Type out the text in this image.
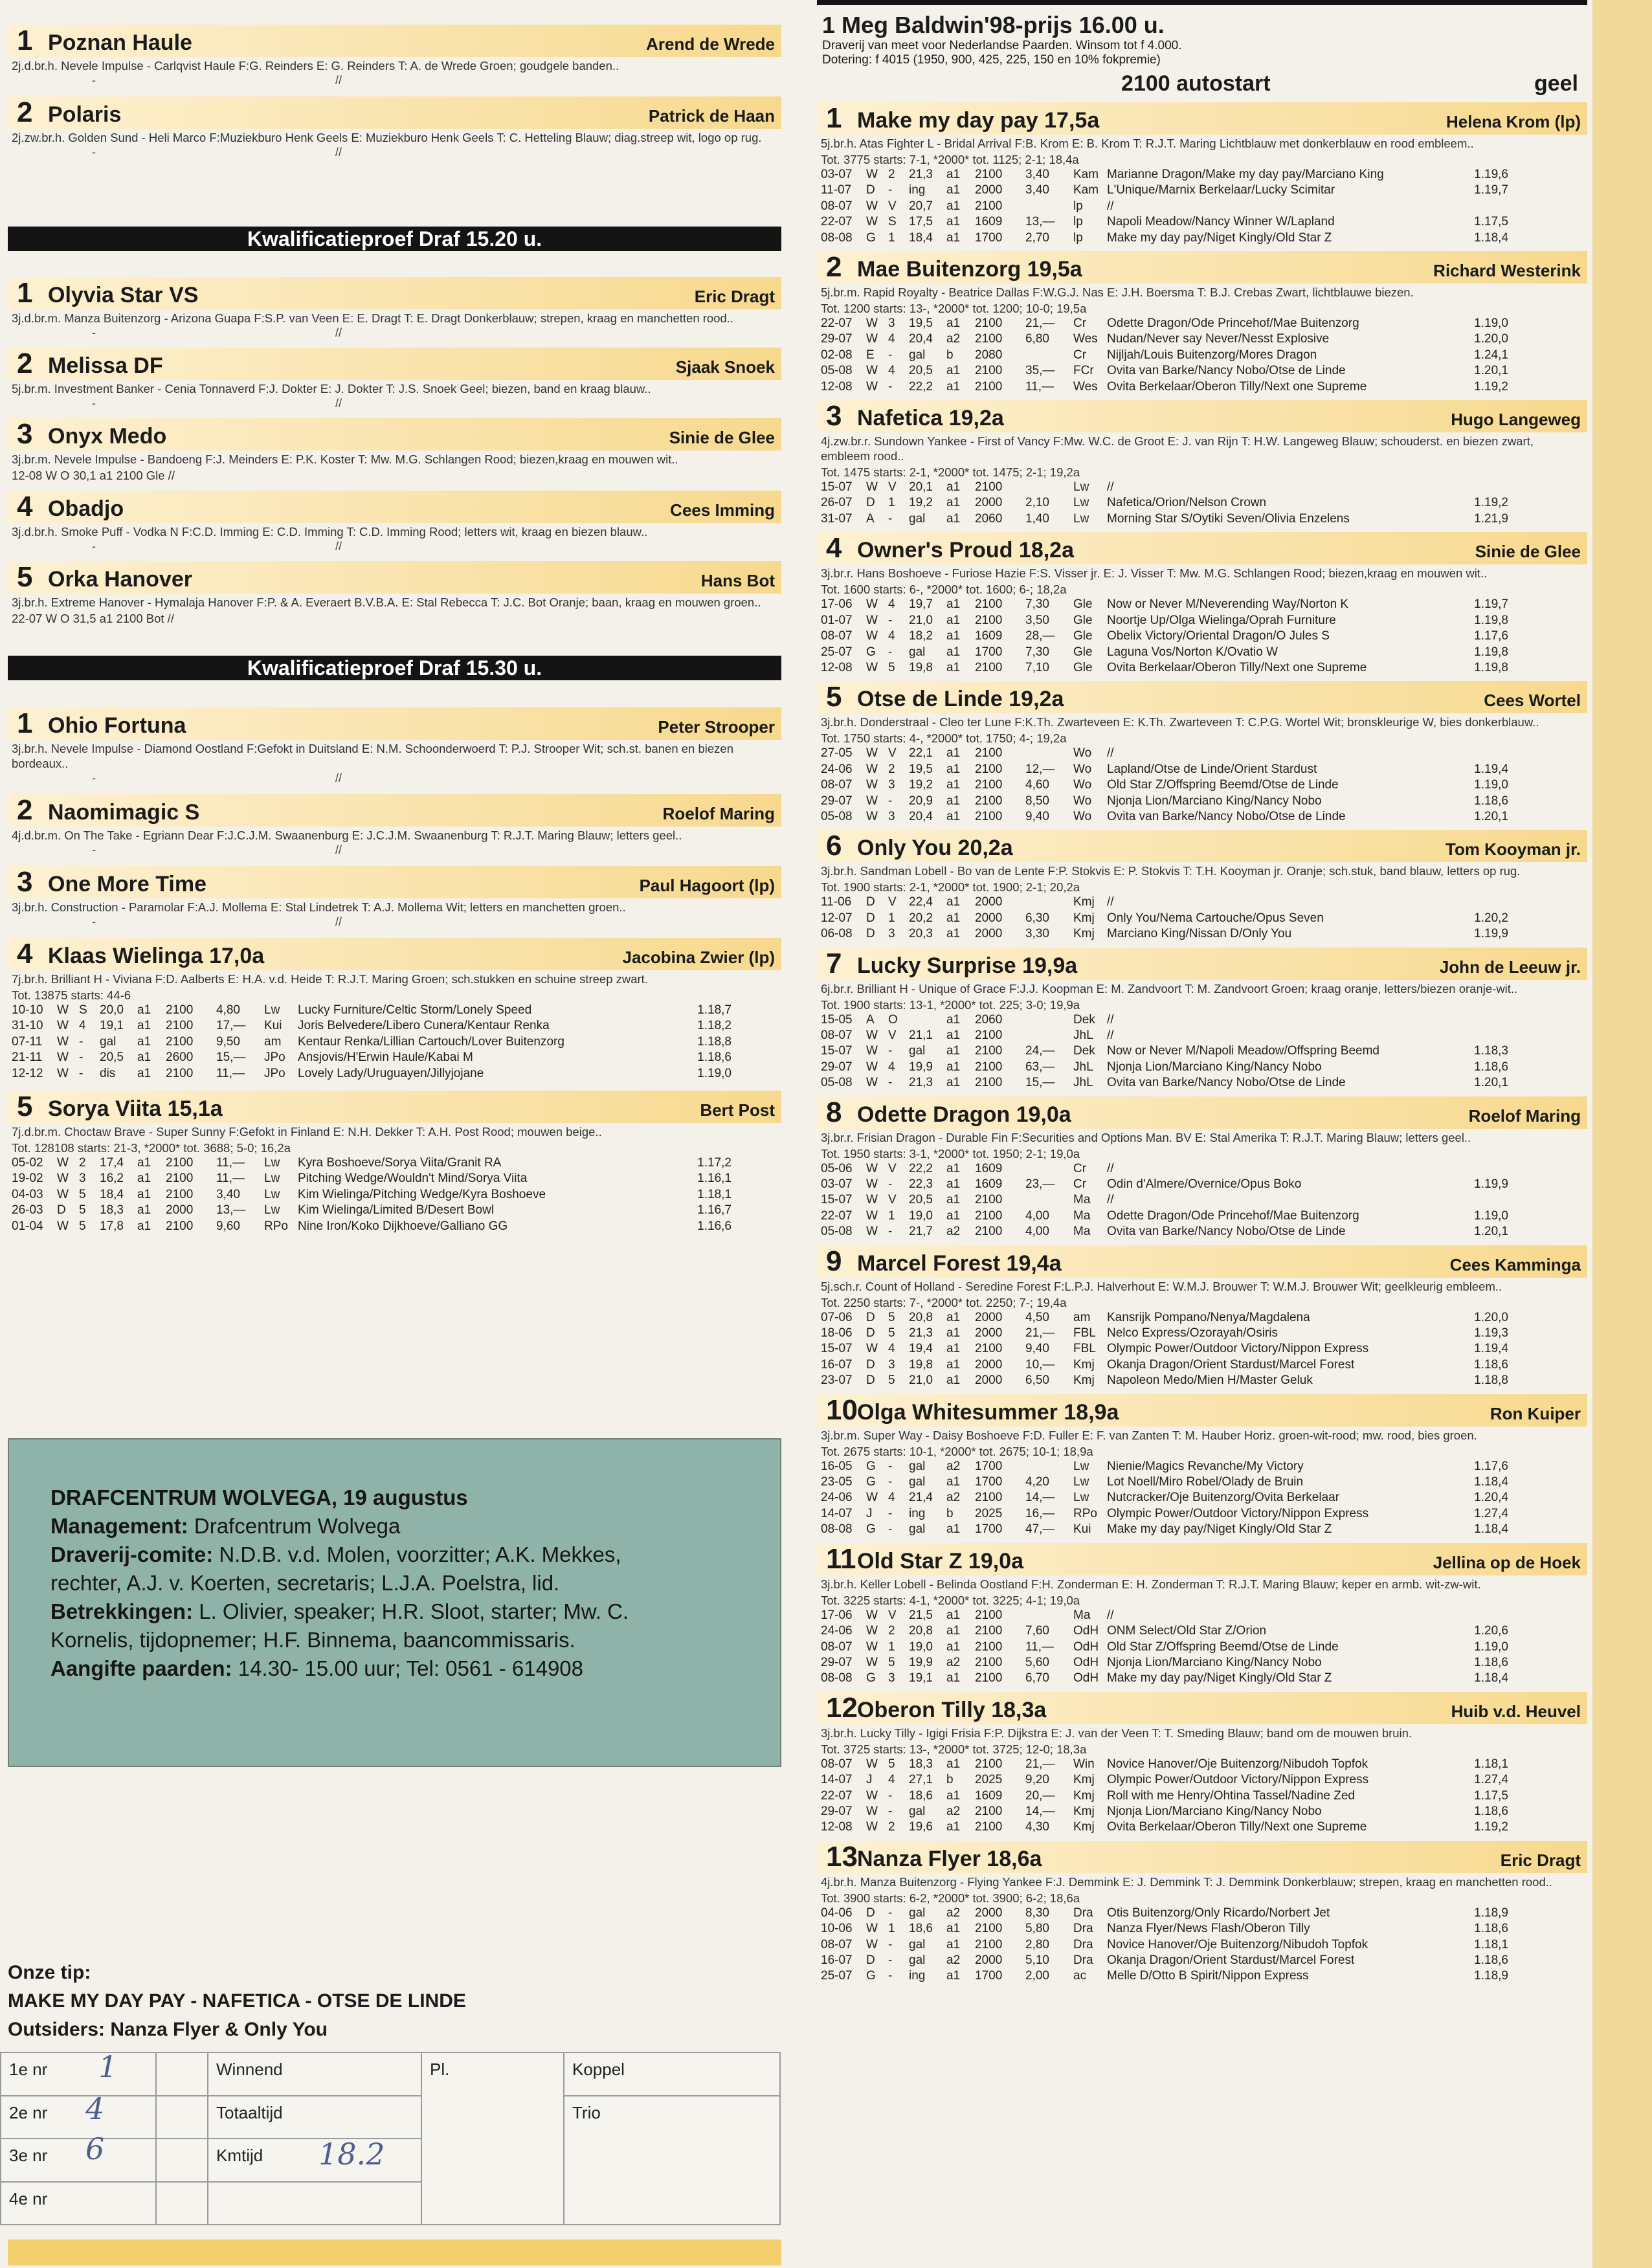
1 Poznan Haule	Arend de Wrede
2j.d.br.h. Nevele Impulse - Carlqvist Haule F:G. Reinders E: G. Reinders T: A. de Wrede Groen; goudgele banden..
-	//
2 Polaris	Patrick de Haan
2j.zw.br.h. Golden Sund - Heli Marco F:Muziekburo Henk Geels E: Muziekburo Henk Geels T: C. Hetteling Blauw; diag.streep wit, logo op rug.
-	//
Kwalificatieproef Draf 15.20 u.
1 Olyvia Star VS	Eric Dragt
3j.d.br.m. Manza Buitenzorg - Arizona Guapa F:S.P. van Veen E: E. Dragt T: E. Dragt Donkerblauw; strepen, kraag en manchetten rood..
-	//
2 Melissa DF	Sjaak Snoek
5j.br.m. Investment Banker - Cenia Tonnaverd F:J. Dokter E: J. Dokter T: J.S. Snoek Geel; biezen, band en kraag blauw..
-	//
3 Onyx Medo	Sinie de Glee
3j.br.m. Nevele Impulse - Bandoeng F:J. Meinders E: P.K. Koster T: Mw. M.G. Schlangen Rood; biezen,kraag en mouwen wit..
12-08 W O 30,1 a1 2100 Gle //
4 Obadjo	Cees Imming
3j.d.br.h. Smoke Puff - Vodka N F:C.D. Imming E: C.D. Imming T: C.D. Imming Rood; letters wit, kraag en biezen blauw..
-	//
5 Orka Hanover	Hans Bot
3j.br.h. Extreme Hanover - Hymalaja Hanover F:P. & A. Everaert B.V.B.A. E: Stal Rebecca T: J.C. Bot Oranje; baan, kraag en mouwen groen..
22-07 W O 31,5 a1 2100 Bot //
Kwalificatieproef Draf 15.30 u.
1 Ohio Fortuna	Peter Strooper
3j.br.h. Nevele Impulse - Diamond Oostland F:Gefokt in Duitsland E: N.M. Schoonderwoerd T: P.J. Strooper Wit; sch.st. banen en biezen bordeaux..
-	//
2 Naomimagic S	Roelof Maring
4j.d.br.m. On The Take - Egriann Dear F:J.C.J.M. Swaanenburg E: J.C.J.M. Swaanenburg T: R.J.T. Maring Blauw; letters geel..
-	//
3 One More Time	Paul Hagoort (lp)
3j.br.h. Construction - Paramolar F:A.J. Mollema E: Stal Lindetrek T: A.J. Mollema Wit; letters en manchetten groen..
-	//
4 Klaas Wielinga 17,0a	Jacobina Zwier (lp)
7j.br.h. Brilliant H - Viviana F:D. Aalberts E: H.A. v.d. Heide T: R.J.T. Maring Groen; sch.stukken en schuine streep zwart.
Tot. 13875 starts: 44-6
10-10	W S	20,0	a1	2100	4,80	Lw	Lucky Furniture/Celtic Storm/Lonely Speed	1.18,7
31-10	W 4	19,1	a1	2100	17,—	Kui	Joris Belvedere/Libero Cunera/Kentaur Renka	1.18,2
07-11	W -	gal	a1	2100	9,50	am	Kentaur Renka/Lillian Cartouch/Lover Buitenzorg	1.18,8
21-11	W -	20,5	a1	2600	15,—	JPo	Ansjovis/H'Erwin Haule/Kabai M	1.18,6
12-12	W -	dis	a1	2100	11,—	JPo	Lovely Lady/Uruguayen/Jillyjojane	1.19,0
5 Sorya Viita 15,1a	Bert Post
7j.d.br.m. Choctaw Brave - Super Sunny F:Gefokt in Finland E: N.H. Dekker T: A.H. Post Rood; mouwen beige..
Tot. 128108 starts: 21-3, *2000* tot. 3688; 5-0; 16,2a
05-02	W 2	17,4	a1	2100	11,—	Lw	Kyra Boshoeve/Sorya Viita/Granit RA	1.17,2
19-02	W 3	16,2	a1	2100	11,—	Lw	Pitching Wedge/Wouldn't Mind/Sorya Viita	1.16,1
04-03	W 5	18,4	a1	2100	3,40	Lw	Kim Wielinga/Pitching Wedge/Kyra Boshoeve	1.18,1
26-03	D	5	18,3	a1	2000	13,—	Lw	Kim Wielinga/Limited B/Desert Bowl	1.16,7
01-04	W 5	17,8	a1	2100	9,60	RPo Nine Iron/Koko Dijkhoeve/Galliano GG	1.16,6
DRAFCENTRUM WOLVEGA, 19 augustus
Management: Drafcentrum Wolvega
Draverij-comite: N.D.B. v.d. Molen, voorzitter; A.K. Mekkes,
rechter, A.J. v. Koerten, secretaris; L.J.A. Poelstra, lid.
Betrekkingen: L. Olivier, speaker; H.R. Sloot, starter; Mw. C.
Kornelis, tijdopnemer; H.F. Binnema, baancommissaris.
Aangifte paarden: 14.30- 15.00 uur; Tel: 0561 - 614908
Onze tip:
MAKE MY DAY PAY - NAFETICA - OTSE DE LINDE
Outsiders: Nanza Flyer & Only You
1e nr	1	Winnend	Pl.	Koppel
2e nr	4	Totaaltijd		Trio
3e nr	6	Kmtijd 18.2		

4e nr				
1 Meg Baldwin'98-prijs 16.00 u.
Draverij van meet voor Nederlandse Paarden. Winsom tot f 4.000.
Dotering: f 4015 (1950, 900, 425, 225, 150 en 10% fokpremie)
2100 autostart	geel
1 Make my day pay 17,5a	Helena Krom (lp)
5j.br.h. Atas Fighter L - Bridal Arrival F:B. Krom E: B. Krom T: R.J.T. Maring Lichtblauw met donkerblauw en rood embleem..
Tot. 3775 starts: 7-1, *2000* tot. 1125; 2-1; 18,4a
03-07	W 2	21,3	a1	2100	3,40	Kam Marianne Dragon/Make my day pay/Marciano King	1.19,6
11-07	D	-	ing	a1	2000	3,40	Kam L'Unique/Marnix Berkelaar/Lucky Scimitar	1.19,7
08-07	W V	20,7	a1	2100	lp	//
22-07	W S	17,5	a1	1609	13,—	lp	Napoli Meadow/Nancy Winner W/Lapland	1.17,5
08-08	G	1	18,4	a1	1700	2,70	lp	Make my day pay/Niget Kingly/Old Star Z	1.18,4
2 Mae Buitenzorg 19,5a	Richard Westerink
5j.br.m. Rapid Royalty - Beatrice Dallas F:W.G.J. Nas E: J.H. Boersma T: B.J. Crebas Zwart, lichtblauwe biezen.
Tot. 1200 starts: 13-, *2000* tot. 1200; 10-0; 19,5a
22-07	W 3	19,5	a1	2100	21,—	Cr	Odette Dragon/Ode Princehof/Mae Buitenzorg	1.19,0
29-07	W 4	20,4	a2	2100	6,80	Wes Nudan/Never say Never/Nesst Explosive	1.20,0
02-08	E	-	gal	b	2080	Cr	Nijljah/Louis Buitenzorg/Mores Dragon	1.24,1
05-08	W 4	20,5	a1	2100	35,—	FCr	Ovita van Barke/Nancy Nobo/Otse de Linde	1.20,1
12-08	W -	22,2	a1	2100	11,—	Wes Ovita Berkelaar/Oberon Tilly/Next one Supreme	1.19,2
3 Nafetica 19,2a	Hugo Langeweg
4j.zw.br.r. Sundown Yankee - First of Vancy F:Mw. W.C. de Groot E: J. van Rijn T: H.W. Langeweg Blauw; schouderst. en biezen zwart, embleem rood..
Tot. 1475 starts: 2-1, *2000* tot. 1475; 2-1; 19,2a
15-07	W V	20,1	a1	2100	Lw	//
26-07	D	1	19,2	a1	2000	2,10	Lw	Nafetica/Orion/Nelson Crown	1.19,2
31-07	A	-	gal	a1	2060	1,40	Lw	Morning Star S/Oytiki Seven/Olivia Enzelens	1.21,9
4 Owner's Proud 18,2a	Sinie de Glee
3j.br.r. Hans Boshoeve - Furiose Hazie F:S. Visser jr. E: J. Visser T: Mw. M.G. Schlangen Rood; biezen,kraag en mouwen wit..
Tot. 1600 starts: 6-, *2000* tot. 1600; 6-; 18,2a
17-06	W 4	19,7	a1	2100	7,30	Gle	Now or Never M/Neverending Way/Norton K	1.19,7
01-07	W -	21,0	a1	2100	3,50	Gle	Noortje Up/Olga Wielinga/Oprah Furniture	1.19,8
08-07	W 4	18,2	a1	1609	28,—	Gle	Obelix Victory/Oriental Dragon/O Jules S	1.17,6
25-07	G	-	gal	a1	1700	7,30	Gle	Laguna Vos/Norton K/Ovatio W	1.19,8
12-08	W 5	19,8	a1	2100	7,10	Gle	Ovita Berkelaar/Oberon Tilly/Next one Supreme	1.19,8
5 Otse de Linde 19,2a	Cees Wortel
3j.br.h. Donderstraal - Cleo ter Lune F:K.Th. Zwarteveen E: K.Th. Zwarteveen T: C.P.G. Wortel Wit; bronskleurige W, bies donkerblauw..
Tot. 1750 starts: 4-, *2000* tot. 1750; 4-; 19,2a
27-05	W V	22,1	a1	2100	Wo	//
24-06	W 2	19,5	a1	2100	12,—	Wo	Lapland/Otse de Linde/Orient Stardust	1.19,4
08-07	W 3	19,2	a1	2100	4,60	Wo	Old Star Z/Offspring Beemd/Otse de Linde	1.19,0
29-07	W -	20,9	a1	2100	8,50	Wo	Njonja Lion/Marciano King/Nancy Nobo	1.18,6
05-08	W 3	20,4	a1	2100	9,40	Wo	Ovita van Barke/Nancy Nobo/Otse de Linde	1.20,1
6 Only You 20,2a	Tom Kooyman jr.
3j.br.h. Sandman Lobell - Bo van de Lente F:P. Stokvis E: P. Stokvis T: T.H. Kooyman jr. Oranje; sch.stuk, band blauw, letters op rug.
Tot. 1900 starts: 2-1, *2000* tot. 1900; 2-1; 20,2a
11-06	D	V	22,4	a1	2000	Kmj	//
12-07	D	1	20,2	a1	2000	6,30	Kmj	Only You/Nema Cartouche/Opus Seven	1.20,2
06-08	D	3	20,3	a1	2000	3,30	Kmj	Marciano King/Nissan D/Only You	1.19,9
7 Lucky Surprise 19,9a	John de Leeuw jr.
6j.br.r. Brilliant H - Unique of Grace F:J.J. Koopman E: M. Zandvoort T: M. Zandvoort Groen; kraag oranje, letters/biezen oranje-wit..
Tot. 1900 starts: 13-1, *2000* tot. 225; 3-0; 19,9a
15-05	A	O	a1	2060	Dek //
08-07	W V	21,1	a1	2100	JhL	//
15-07	W -	gal	a1	2100	24,—	Dek Now or Never M/Napoli Meadow/Offspring Beemd	1.18,3
29-07	W 4	19,9	a1	2100	63,—	JhL	Njonja Lion/Marciano King/Nancy Nobo	1.18,6
05-08	W -	21,3	a1	2100	15,—	JhL	Ovita van Barke/Nancy Nobo/Otse de Linde	1.20,1
8 Odette Dragon 19,0a	Roelof Maring
3j.br.r. Frisian Dragon - Durable Fin F:Securities and Options Man. BV E: Stal Amerika T: R.J.T. Maring Blauw; letters geel..
Tot. 1950 starts: 3-1, *2000* tot. 1950; 2-1; 19,0a
05-06	W V	22,2	a1	1609	Cr	//
03-07	W -	22,3	a1	1609	23,—	Cr	Odin d'Almere/Overnice/Opus Boko	1.19,9
15-07	W V	20,5	a1	2100	Ma	//
22-07	W 1	19,0	a1	2100	4,00	Ma	Odette Dragon/Ode Princehof/Mae Buitenzorg	1.19,0
05-08	W -	21,7	a2	2100	4,00	Ma	Ovita van Barke/Nancy Nobo/Otse de Linde	1.20,1
9 Marcel Forest 19,4a	Cees Kamminga
5j.sch.r. Count of Holland - Seredine Forest F:L.P.J. Halverhout E: W.M.J. Brouwer T: W.M.J. Brouwer Wit; geelkleurig embleem..
Tot. 2250 starts: 7-, *2000* tot. 2250; 7-; 19,4a
07-06	D	5	20,8	a1	2000	4,50	am	Kansrijk Pompano/Nenya/Magdalena	1.20,0
18-06	D	5	21,3	a1	2000	21,—	FBL Nelco Express/Ozorayah/Osiris	1.19,3
15-07	W 4	19,4	a1	2100	9,40	FBL Olympic Power/Outdoor Victory/Nippon Express	1.19,4
16-07	D	3	19,8	a1	2000	10,—	Kmj	Okanja Dragon/Orient Stardust/Marcel Forest	1.18,6
23-07	D	5	21,0	a1	2000	6,50	Kmj	Napoleon Medo/Mien H/Master Geluk	1.18,8
10 Olga Whitesummer 18,9a	Ron Kuiper
3j.br.m. Super Way - Daisy Boshoeve F:D. Fuller E: F. van Zanten T: M. Hauber Horiz. groen-wit-rood; mw. rood, bies groen.
Tot. 2675 starts: 10-1, *2000* tot. 2675; 10-1; 18,9a
16-05	G	-	gal	a2	1700	Lw	Nienie/Magics Revanche/My Victory	1.17,6
23-05	G	-	gal	a1	1700	4,20	Lw	Lot Noell/Miro Robel/Olady de Bruin	1.18,4
24-06	W 4	21,4	a2	2100	14,—	Lw	Nutcracker/Oje Buitenzorg/Ovita Berkelaar	1.20,4
14-07	J	-	ing	b	2025	16,—	RPo Olympic Power/Outdoor Victory/Nippon Express	1.27,4
08-08	G	-	gal	a1	1700	47,—	Kui	Make my day pay/Niget Kingly/Old Star Z	1.18,4
11 Old Star Z 19,0a	Jellina op de Hoek
3j.br.h. Keller Lobell - Belinda Oostland F:H. Zonderman E: H. Zonderman T: R.J.T. Maring Blauw; keper en armb. wit-zw-wit.
Tot. 3225 starts: 4-1, *2000* tot. 3225; 4-1; 19,0a
17-06	W V	21,5	a1	2100	Ma	//
24-06	W 2	20,8	a1	2100	7,60	OdH ONM Select/Old Star Z/Orion	1.20,6
08-07	W 1	19,0	a1	2100	11,—	OdH Old Star Z/Offspring Beemd/Otse de Linde	1.19,0
29-07	W 5	19,9	a2	2100	5,60	OdH Njonja Lion/Marciano King/Nancy Nobo	1.18,6
08-08	G	3	19,1	a1	2100	6,70	OdH Make my day pay/Niget Kingly/Old Star Z	1.18,4
12 Oberon Tilly 18,3a	Huib v.d. Heuvel
3j.br.h. Lucky Tilly - Igigi Frisia F:P. Dijkstra E: J. van der Veen T: T. Smeding Blauw; band om de mouwen bruin.
Tot. 3725 starts: 13-, *2000* tot. 3725; 12-0; 18,3a
08-07	W 5	18,3	a1	2100	21,—	Win	Novice Hanover/Oje Buitenzorg/Nibudoh Topfok	1.18,1
14-07	J	4	27,1	b	2025	9,20	Kmj	Olympic Power/Outdoor Victory/Nippon Express	1.27,4
22-07	W -	18,6	a1	1609	20,—	Kmj	Roll with me Henry/Ohtina Tassel/Nadine Zed	1.17,5
29-07	W -	gal	a2	2100	14,—	Kmj	Njonja Lion/Marciano King/Nancy Nobo	1.18,6
12-08	W 2	19,6	a1	2100	4,30	Kmj	Ovita Berkelaar/Oberon Tilly/Next one Supreme	1.19,2
13 Nanza Flyer 18,6a	Eric Dragt
4j.br.h. Manza Buitenzorg - Flying Yankee F:J. Demmink E: J. Demmink T: J. Demmink Donkerblauw; strepen, kraag en manchetten rood..
Tot. 3900 starts: 6-2, *2000* tot. 3900; 6-2; 18,6a
04-06	D	-	gal	a2	2000	8,30	Dra	Otis Buitenzorg/Only Ricardo/Norbert Jet	1.18,9
10-06	W 1	18,6	a1	2100	5,80	Dra	Nanza Flyer/News Flash/Oberon Tilly	1.18,6
08-07	W -	gal	a1	2100	2,80	Dra	Novice Hanover/Oje Buitenzorg/Nibudoh Topfok	1.18,1
16-07	D	-	gal	a2	2000	5,10	Dra	Okanja Dragon/Orient Stardust/Marcel Forest	1.18,6
25-07	G	-	ing	a1	1700	2,00	ac	Melle D/Otto B Spirit/Nippon Express	1.18,9
